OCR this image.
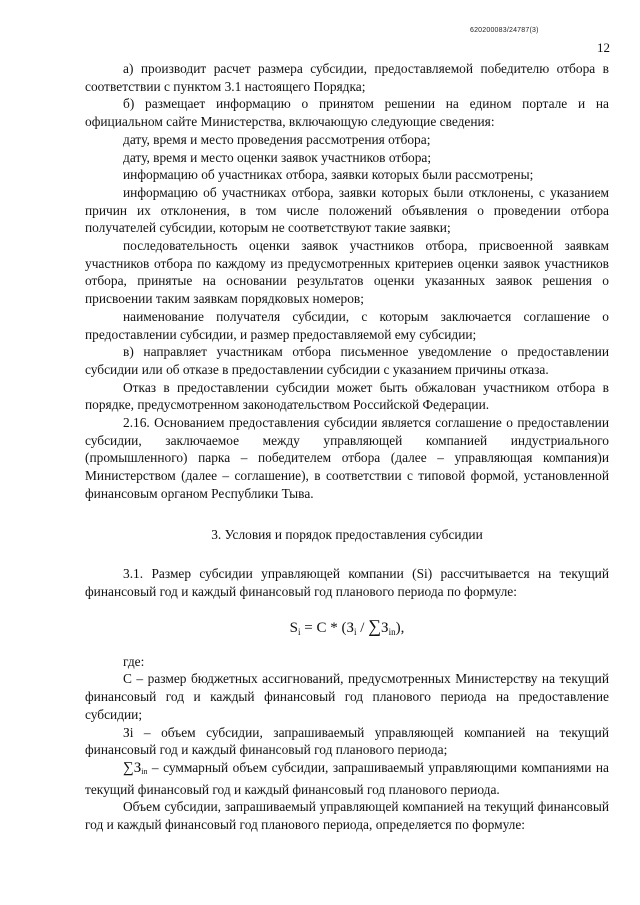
620200083/24787(3)
12

а) производит расчет размера субсидии, предоставляемой победителю отбора в соответствии с пунктом 3.1 настоящего Порядка;

б) размещает информацию о принятом решении на едином портале и на официальном сайте Министерства, включающую следующие сведения:

дату, время и место проведения рассмотрения отбора;

дату, время и место оценки заявок участников отбора;

информацию об участниках отбора, заявки которых были рассмотрены;

информацию об участниках отбора, заявки которых были отклонены, с указанием причин их отклонения, в том числе положений объявления о проведении отбора получателей субсидии, которым не соответствуют такие заявки;

последовательность оценки заявок участников отбора, присвоенной заявкам участников отбора по каждому из предусмотренных критериев оценки заявок участников отбора, принятые на основании результатов оценки указанных заявок решения о присвоении таким заявкам порядковых номеров;

наименование получателя субсидии, с которым заключается соглашение о предоставлении субсидии, и размер предоставляемой ему субсидии;

в) направляет участникам отбора письменное уведомление о предоставлении субсидии или об отказе в предоставлении субсидии с указанием причины отказа.

Отказ в предоставлении субсидии может быть обжалован участником отбора в порядке, предусмотренном законодательством Российской Федерации.

2.16. Основанием предоставления субсидии является соглашение о предоставлении субсидии, заключаемое между управляющей компанией индустриального (промышленного) парка – победителем отбора (далее – управляющая компания)и Министерством (далее – соглашение), в соответствии с типовой формой, установленной финансовым органом Республики Тыва.

3. Условия и порядок предоставления субсидии

3.1. Размер субсидии управляющей компании (Si) рассчитывается на текущий финансовый год и каждый финансовый год планового периода по формуле:

$S_i = C * (З_i / \sum З_{in})$,

где:

C – размер бюджетных ассигнований, предусмотренных Министерству на текущий финансовый год и каждый финансовый год планового периода на предоставление субсидии;

Зi – объем субсидии, запрашиваемый управляющей компанией на текущий финансовый год и каждый финансовый год планового периода;

$\sum З_{in}$ – суммарный объем субсидии, запрашиваемый управляющими компаниями на текущий финансовый год и каждый финансовый год планового периода.

Объем субсидии, запрашиваемый управляющей компанией на текущий финансовый год и каждый финансовый год планового периода, определяется по формуле:
